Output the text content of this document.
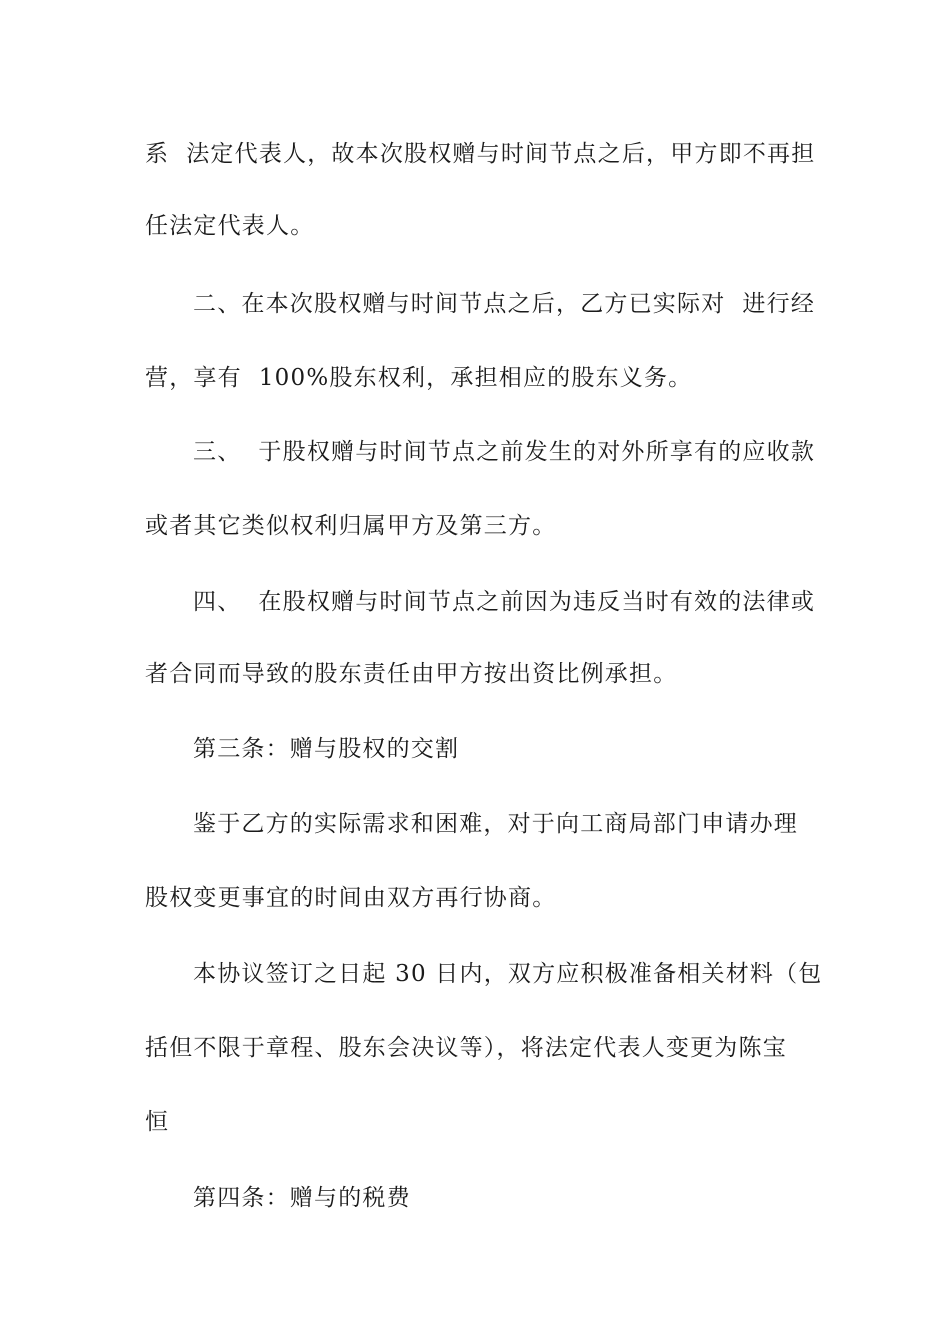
系  法定代表人，故本次股权赠与时间节点之后，甲方即不再担
任法定代表人。
二、在本次股权赠与时间节点之后，乙方已实际对  进行经
营，享有  100%股东权利，承担相应的股东义务。
三、  于股权赠与时间节点之前发生的对外所享有的应收款
或者其它类似权利归属甲方及第三方。
四、  在股权赠与时间节点之前因为违反当时有效的法律或
者合同而导致的股东责任由甲方按出资比例承担。
第三条：赠与股权的交割
鉴于乙方的实际需求和困难，对于向工商局部门申请办理
股权变更事宜的时间由双方再行协商。
本协议签订之日起 30 日内，双方应积极准备相关材料（包
括但不限于章程、股东会决议等），将法定代表人变更为陈宝
恒
第四条：赠与的税费
